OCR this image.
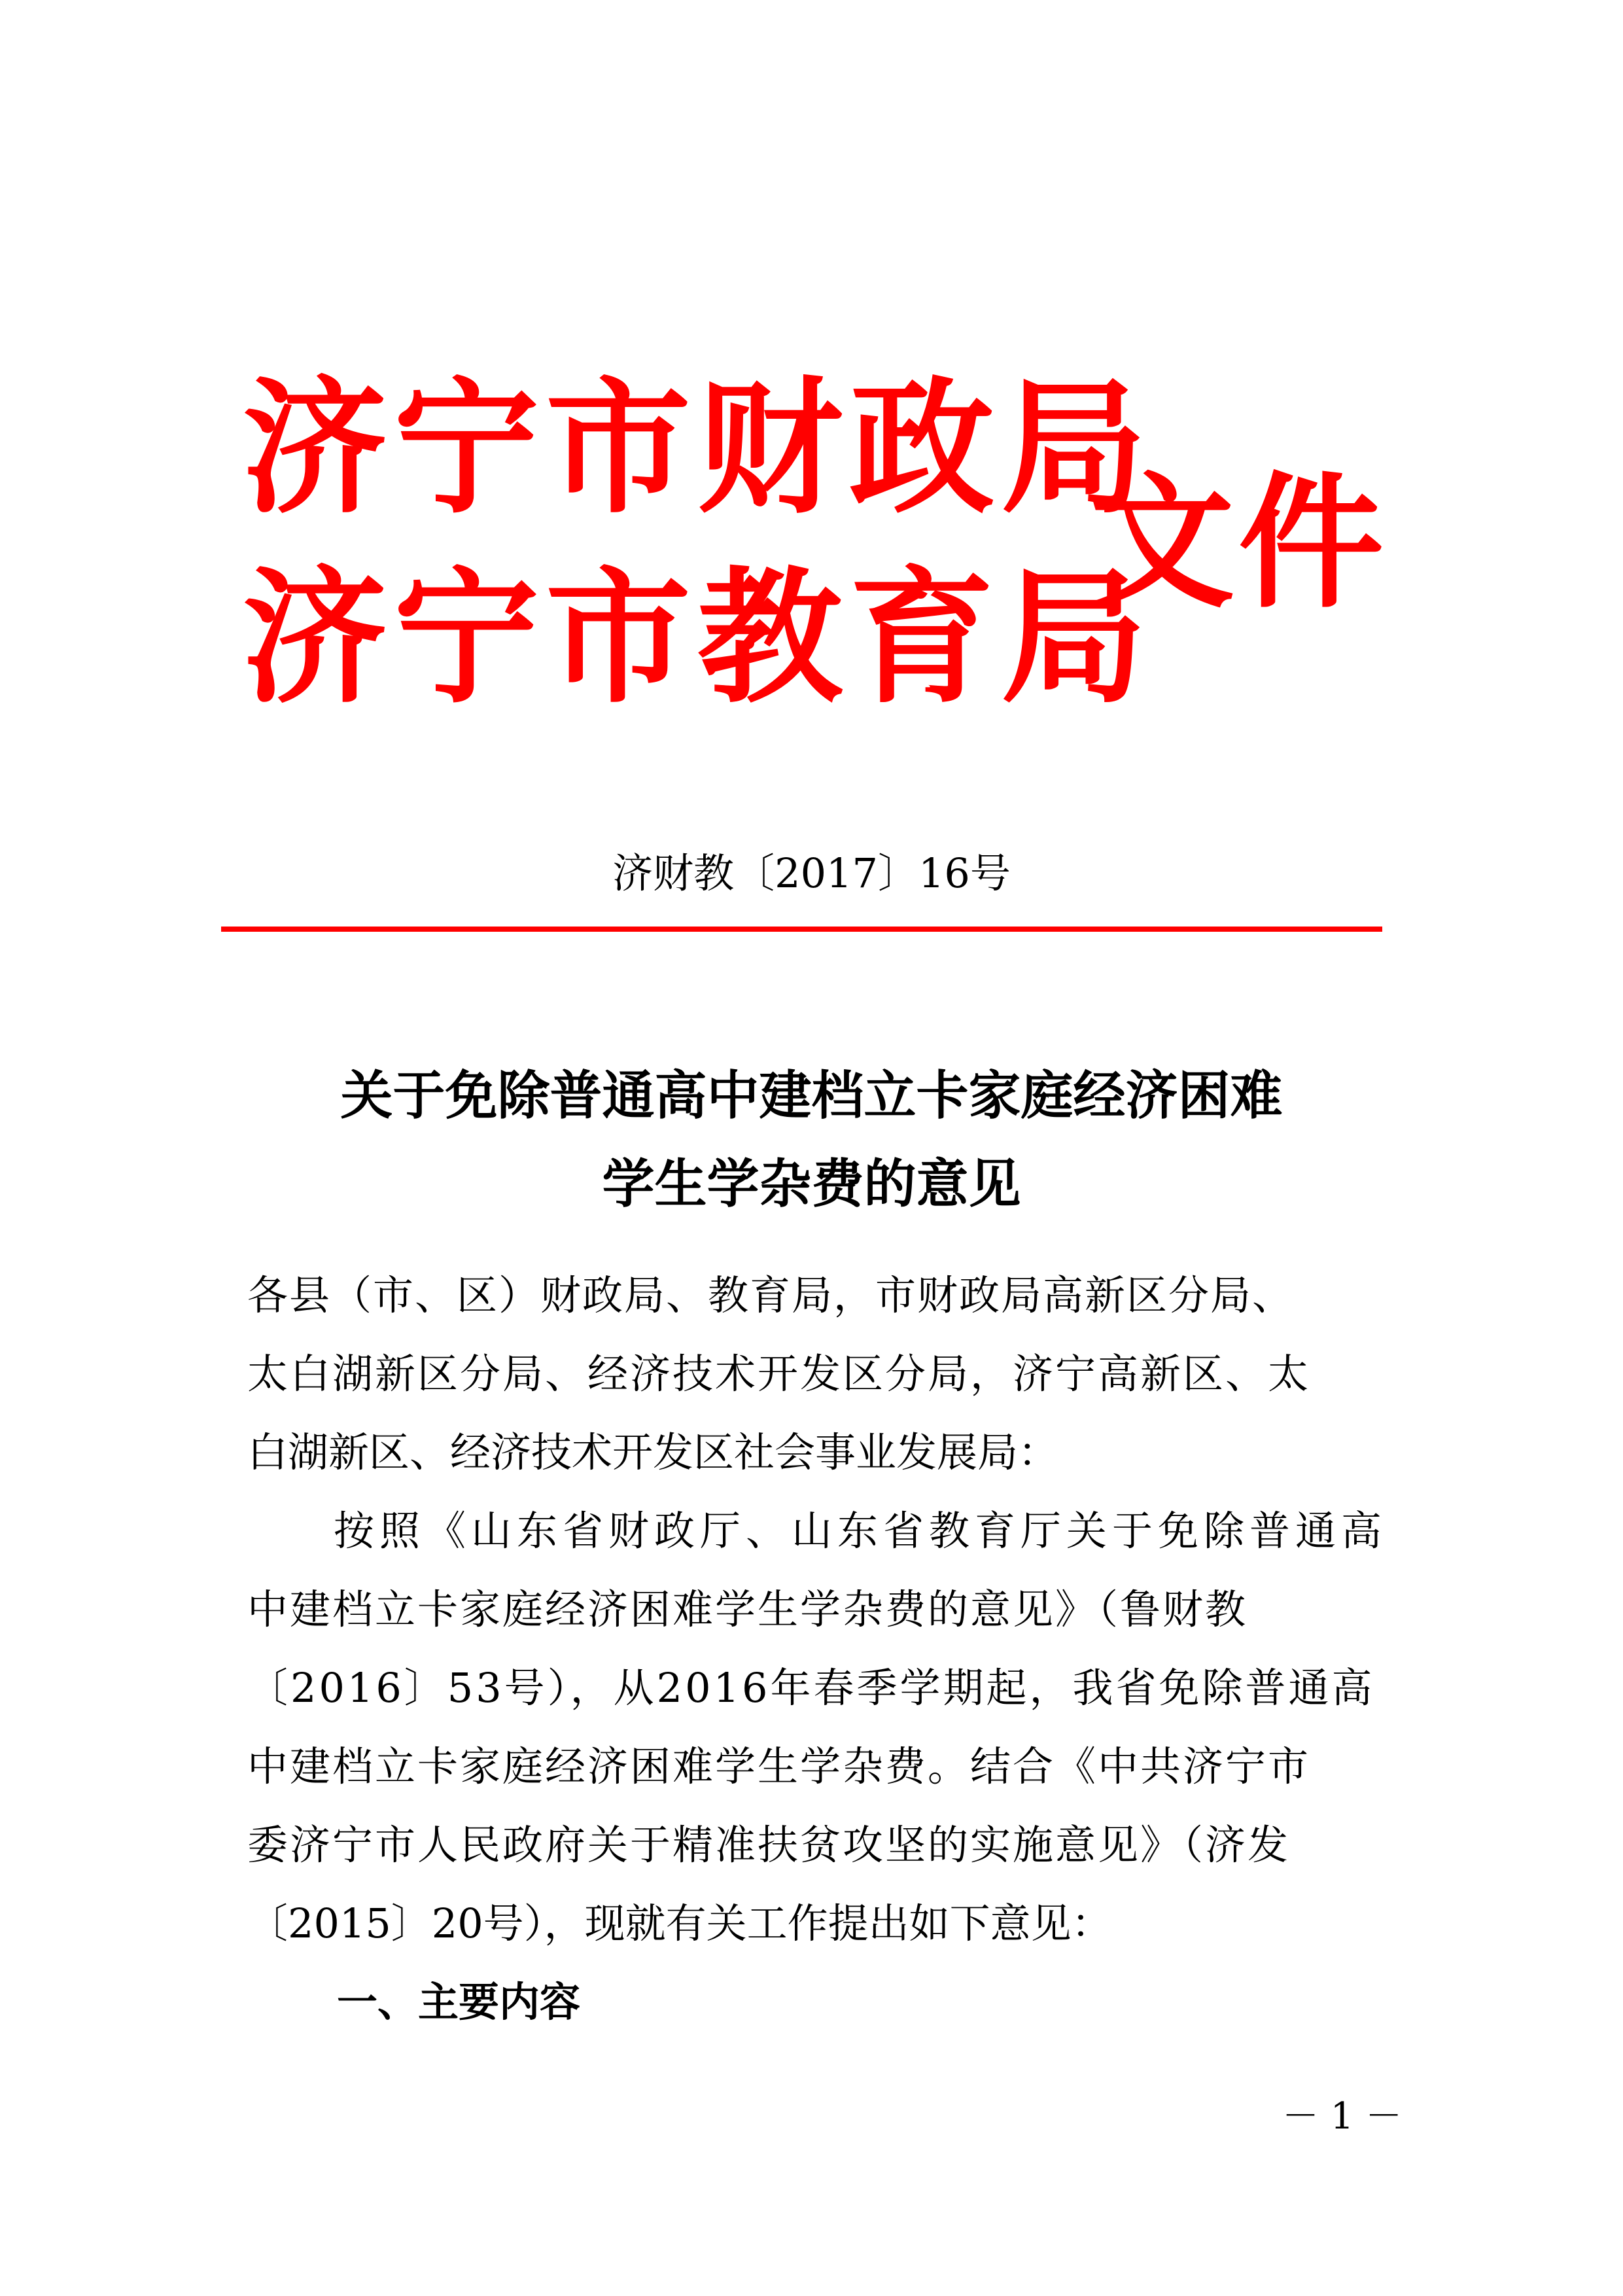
济宁市财政局
济宁市教育局
文件
济财教〔2017〕16号
关于免除普通高中建档立卡家庭经济困难
学生学杂费的意见
各县（市、区）财政局、教育局，市财政局高新区分局、
太白湖新区分局、经济技术开发区分局，济宁高新区、太
白湖新区、经济技术开发区社会事业发展局：
按照《山东省财政厅、山东省教育厅关于免除普通高
中建档立卡家庭经济困难学生学杂费的意见》（鲁财教
〔2016〕53号），从2016年春季学期起，我省免除普通高
中建档立卡家庭经济困难学生学杂费。结合《中共济宁市
委济宁市人民政府关于精准扶贫攻坚的实施意见》（济发
〔2015〕20号），现就有关工作提出如下意见：
一、主要内容
－ 1 －
